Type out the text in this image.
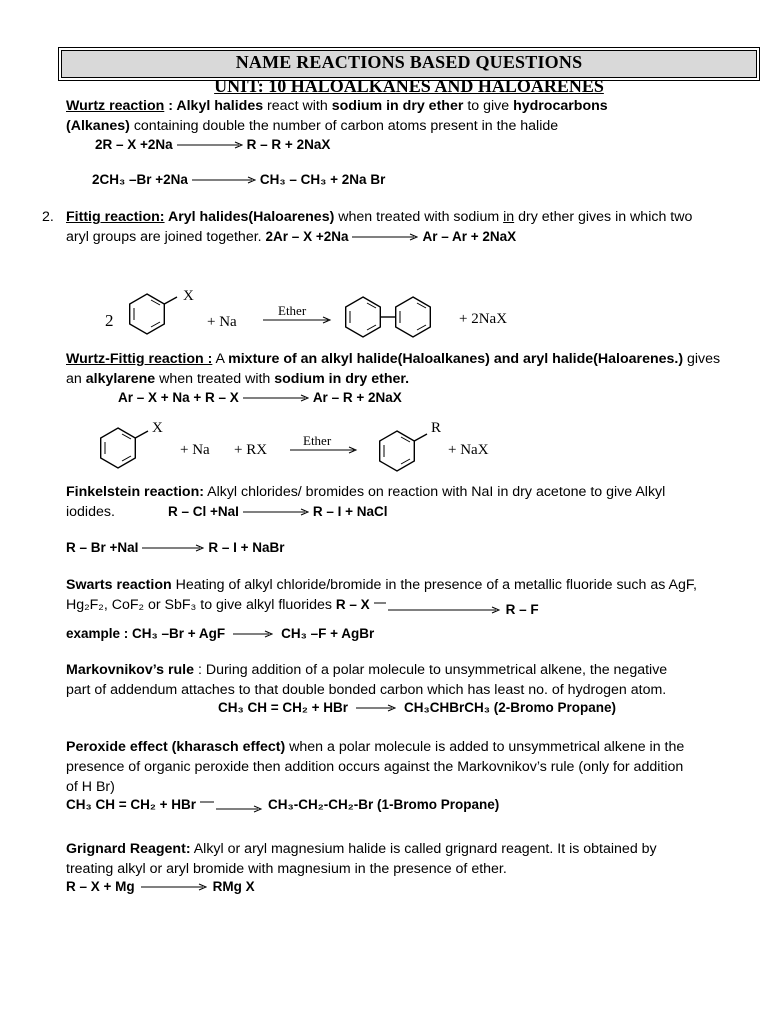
NAME REACTIONS BASED QUESTIONS
UNIT: 10 HALOALKANES AND HALOARENES
Wurtz reaction : Alkyl halides react with sodium in dry ether to give hydrocarbons
(Alkanes) containing double the number of carbon atoms present in the halide
2R – X +2Na	R – R + 2NaX
2CH₃ –Br +2Na	CH₃ – CH₃ + 2Na Br
2. Fittig reaction: Aryl halides(Haloarenes) when treated with sodium in dry ether gives in which two
aryl groups are joined together. 2Ar – X +2Na	Ar – Ar + 2NaX
2
X
+ Na
Ether
+ 2NaX
Wurtz-Fittig reaction : A mixture of an alkyl halide(Haloalkanes) and aryl halide(Haloarenes.) gives
an alkylarene when treated with sodium in dry ether.
Ar – X + Na + R – X	Ar – R + 2NaX
X
+ Na + RX
Ether
R
+ NaX
Finkelstein reaction: Alkyl chlorides/ bromides on reaction with NaI in dry acetone to give Alkyl
iodides.	R – Cl +NaI	R – I + NaCl
R – Br +NaI	R – I + NaBr
Swarts reaction Heating of alkyl chloride/bromide in the presence of a metallic fluoride such as AgF,
Hg₂F₂, CoF₂ or SbF₃ to give alkyl fluorides R – X	R – F
example : CH₃ –Br + AgF → CH₃ –F + AgBr
Markovnikov’s rule : During addition of a polar molecule to unsymmetrical alkene, the negative
part of addendum attaches to that double bonded carbon which has least no. of hydrogen atom.
CH₃ CH = CH₂ + HBr → CH₃CHBrCH₃ (2-Bromo Propane)
Peroxide effect (kharasch effect) when a polar molecule is added to unsymmetrical alkene in the
presence of organic peroxide then addition occurs against the Markovnikov’s rule (only for addition
of H Br)
CH₃ CH = CH₂ + HBr	CH₃-CH₂-CH₂-Br (1-Bromo Propane)
Grignard Reagent: Alkyl or aryl magnesium halide is called grignard reagent. It is obtained by
treating alkyl or aryl bromide with magnesium in the presence of ether.
R – X + Mg	RMg X
